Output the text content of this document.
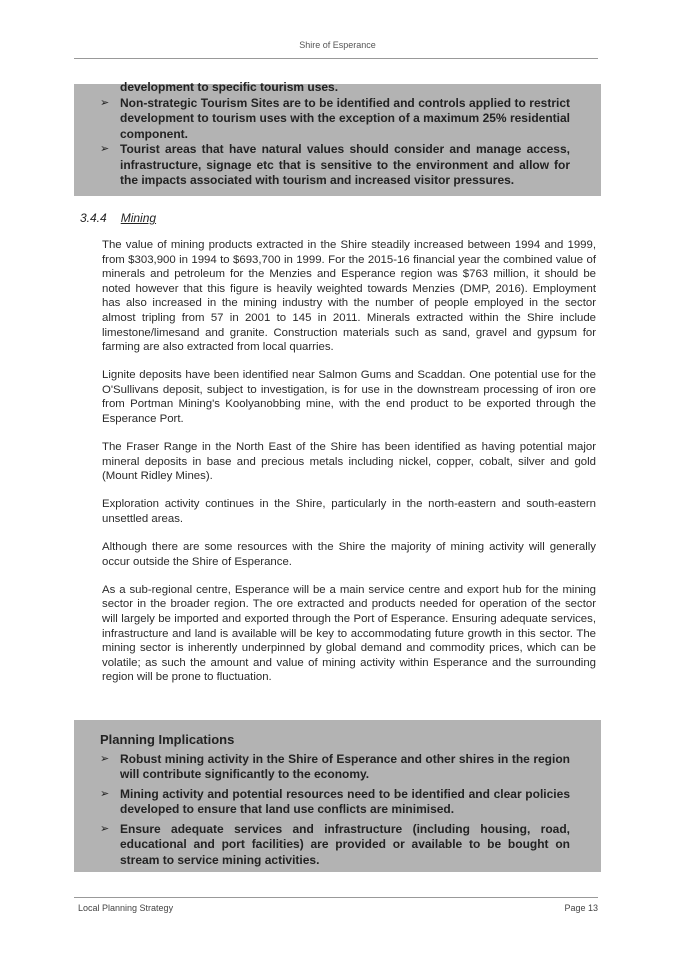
Shire of Esperance

development to specific tourism uses.

➢ Non-strategic Tourism Sites are to be identified and controls applied to restrict development to tourism uses with the exception of a maximum 25% residential component.
➢ Tourist areas that have natural values should consider and manage access, infrastructure, signage etc that is sensitive to the environment and allow for the impacts associated with tourism and increased visitor pressures.
3.4.4 Mining

The value of mining products extracted in the Shire steadily increased between 1994 and 1999, from $303,900 in 1994 to $693,700 in 1999. For the 2015-16 financial year the combined value of minerals and petroleum for the Menzies and Esperance region was $763 million, it should be noted however that this figure is heavily weighted towards Menzies (DMP, 2016). Employment has also increased in the mining industry with the number of people employed in the sector almost tripling from 57 in 2001 to 145 in 2011. Minerals extracted within the Shire include limestone/limesand and granite. Construction materials such as sand, gravel and gypsum for farming are also extracted from local quarries.

Lignite deposits have been identified near Salmon Gums and Scaddan. One potential use for the O'Sullivans deposit, subject to investigation, is for use in the downstream processing of iron ore from Portman Mining's Koolyanobbing mine, with the end product to be exported through the Esperance Port.

The Fraser Range in the North East of the Shire has been identified as having potential major mineral deposits in base and precious metals including nickel, copper, cobalt, silver and gold (Mount Ridley Mines).

Exploration activity continues in the Shire, particularly in the north-eastern and south-eastern unsettled areas.

Although there are some resources with the Shire the majority of mining activity will generally occur outside the Shire of Esperance.

As a sub-regional centre, Esperance will be a main service centre and export hub for the mining sector in the broader region. The ore extracted and products needed for operation of the sector will largely be imported and exported through the Port of Esperance. Ensuring adequate services, infrastructure and land is available will be key to accommodating future growth in this sector. The mining sector is inherently underpinned by global demand and commodity prices, which can be volatile; as such the amount and value of mining activity within Esperance and the surrounding region will be prone to fluctuation.

Planning Implications

➢ Robust mining activity in the Shire of Esperance and other shires in the region will contribute significantly to the economy.
➢ Mining activity and potential resources need to be identified and clear policies developed to ensure that land use conflicts are minimised.
➢ Ensure adequate services and infrastructure (including housing, road, educational and port facilities) are provided or available to be bought on stream to service mining activities.
Local Planning Strategy	Page 13
